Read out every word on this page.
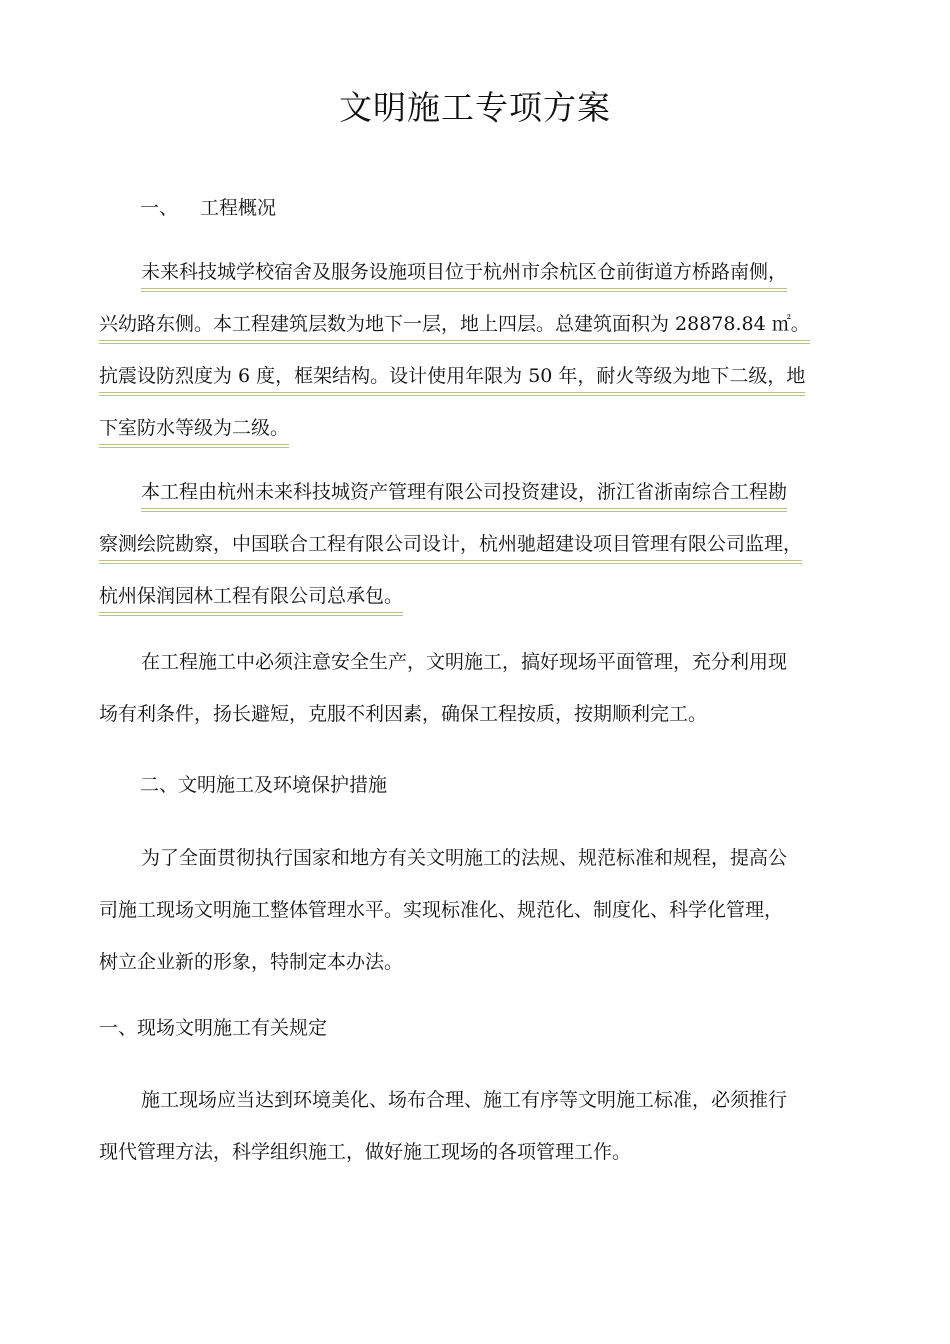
文明施工专项方案
一、 工程概况
未来科技城学校宿舍及服务设施项目位于杭州市余杭区仓前街道方桥路南侧，
兴幼路东侧。本工程建筑层数为地下一层，地上四层。总建筑面积为 28878.84 ㎡。
抗震设防烈度为 6 度，框架结构。设计使用年限为 50 年，耐火等级为地下二级，地
下室防水等级为二级。
本工程由杭州未来科技城资产管理有限公司投资建设，浙江省浙南综合工程勘
察测绘院勘察，中国联合工程有限公司设计，杭州驰超建设项目管理有限公司监理，
杭州保润园林工程有限公司总承包。
在工程施工中必须注意安全生产，文明施工，搞好现场平面管理，充分利用现
场有利条件，扬长避短，克服不利因素，确保工程按质，按期顺利完工。
二、文明施工及环境保护措施
为了全面贯彻执行国家和地方有关文明施工的法规、规范标准和规程，提高公
司施工现场文明施工整体管理水平。实现标准化、规范化、制度化、科学化管理，
树立企业新的形象，特制定本办法。
一、现场文明施工有关规定
施工现场应当达到环境美化、场布合理、施工有序等文明施工标准，必须推行
现代管理方法，科学组织施工，做好施工现场的各项管理工作。
